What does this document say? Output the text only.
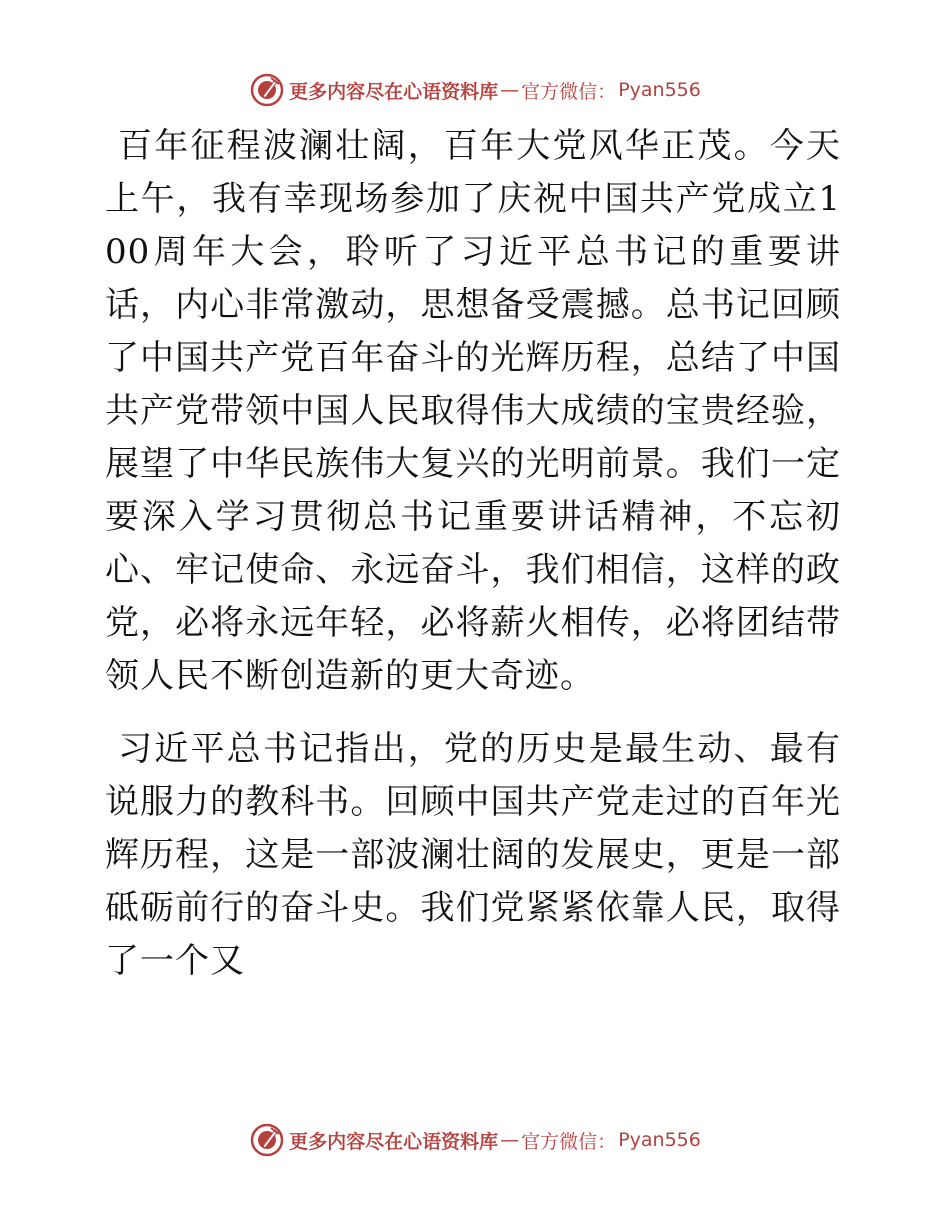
更多内容尽在心语资料库 — 官方微信： Pyan556

百年征程波澜壮阔，百年大党风华正茂。今天上午，我有幸现场参加了庆祝中国共产党成立100周年大会，聆听了习近平总书记的重要讲话，内心非常激动，思想备受震撼。总书记回顾了中国共产党百年奋斗的光辉历程，总结了中国共产党带领中国人民取得伟大成绩的宝贵经验，展望了中华民族伟大复兴的光明前景。我们一定要深入学习贯彻总书记重要讲话精神，不忘初心、牢记使命、永远奋斗，我们相信，这样的政党，必将永远年轻，必将薪火相传，必将团结带领人民不断创造新的更大奇迹。

习近平总书记指出，党的历史是最生动、最有说服力的教科书。回顾中国共产党走过的百年光辉历程，这是一部波澜壮阔的发展史，更是一部砥砺前行的奋斗史。我们党紧紧依靠人民，取得了一个又

更多内容尽在心语资料库 — 官方微信： Pyan556
